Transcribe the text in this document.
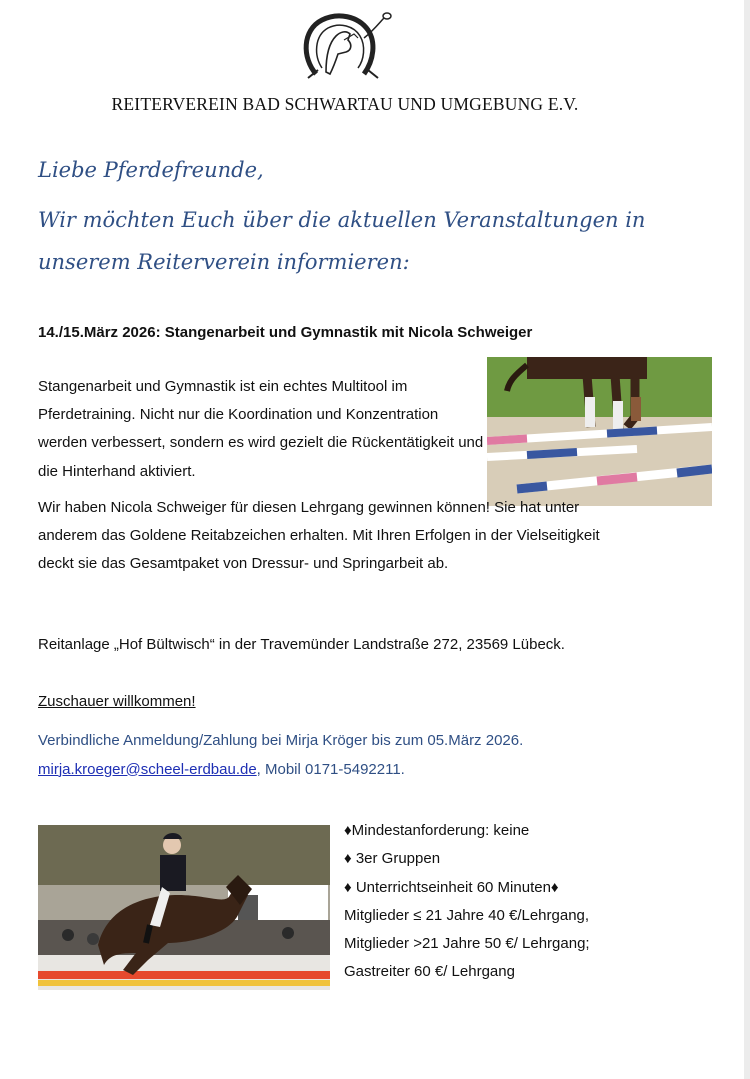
REITERVEREIN BAD SCHWARTAU UND UMGEBUNG E.V.
Liebe Pferdefreunde,
Wir möchten Euch über die aktuellen Veranstaltungen in
unserem Reiterverein informieren:
14./15.März 2026: Stangenarbeit und Gymnastik mit Nicola Schweiger
Stangenarbeit und Gymnastik ist ein echtes Multitool im Pferdetraining. Nicht nur die Koordination und Konzentration werden verbessert, sondern es wird gezielt die Rückentätigkeit und die Hinterhand aktiviert.
Wir haben Nicola Schweiger für diesen Lehrgang gewinnen können! Sie hat unter anderem das Goldene Reitabzeichen erhalten. Mit Ihren Erfolgen in der Vielseitigkeit deckt sie das Gesamtpaket von Dressur- und Springarbeit ab.
Reitanlage „Hof Bültwisch“ in der Travemünder Landstraße 272, 23569 Lübeck.
Zuschauer willkommen!
Verbindliche Anmeldung/Zahlung bei Mirja Kröger bis zum 05.März 2026.
mirja.kroeger@scheel-erdbau.de, Mobil 0171-5492211.
♦Mindestanforderung: keine
♦ 3er Gruppen
♦ Unterrichtseinheit 60 Minuten♦
Mitglieder ≤ 21 Jahre 40 €/Lehrgang,
Mitglieder >21 Jahre 50 €/ Lehrgang;
Gastreiter 60 €/ Lehrgang
